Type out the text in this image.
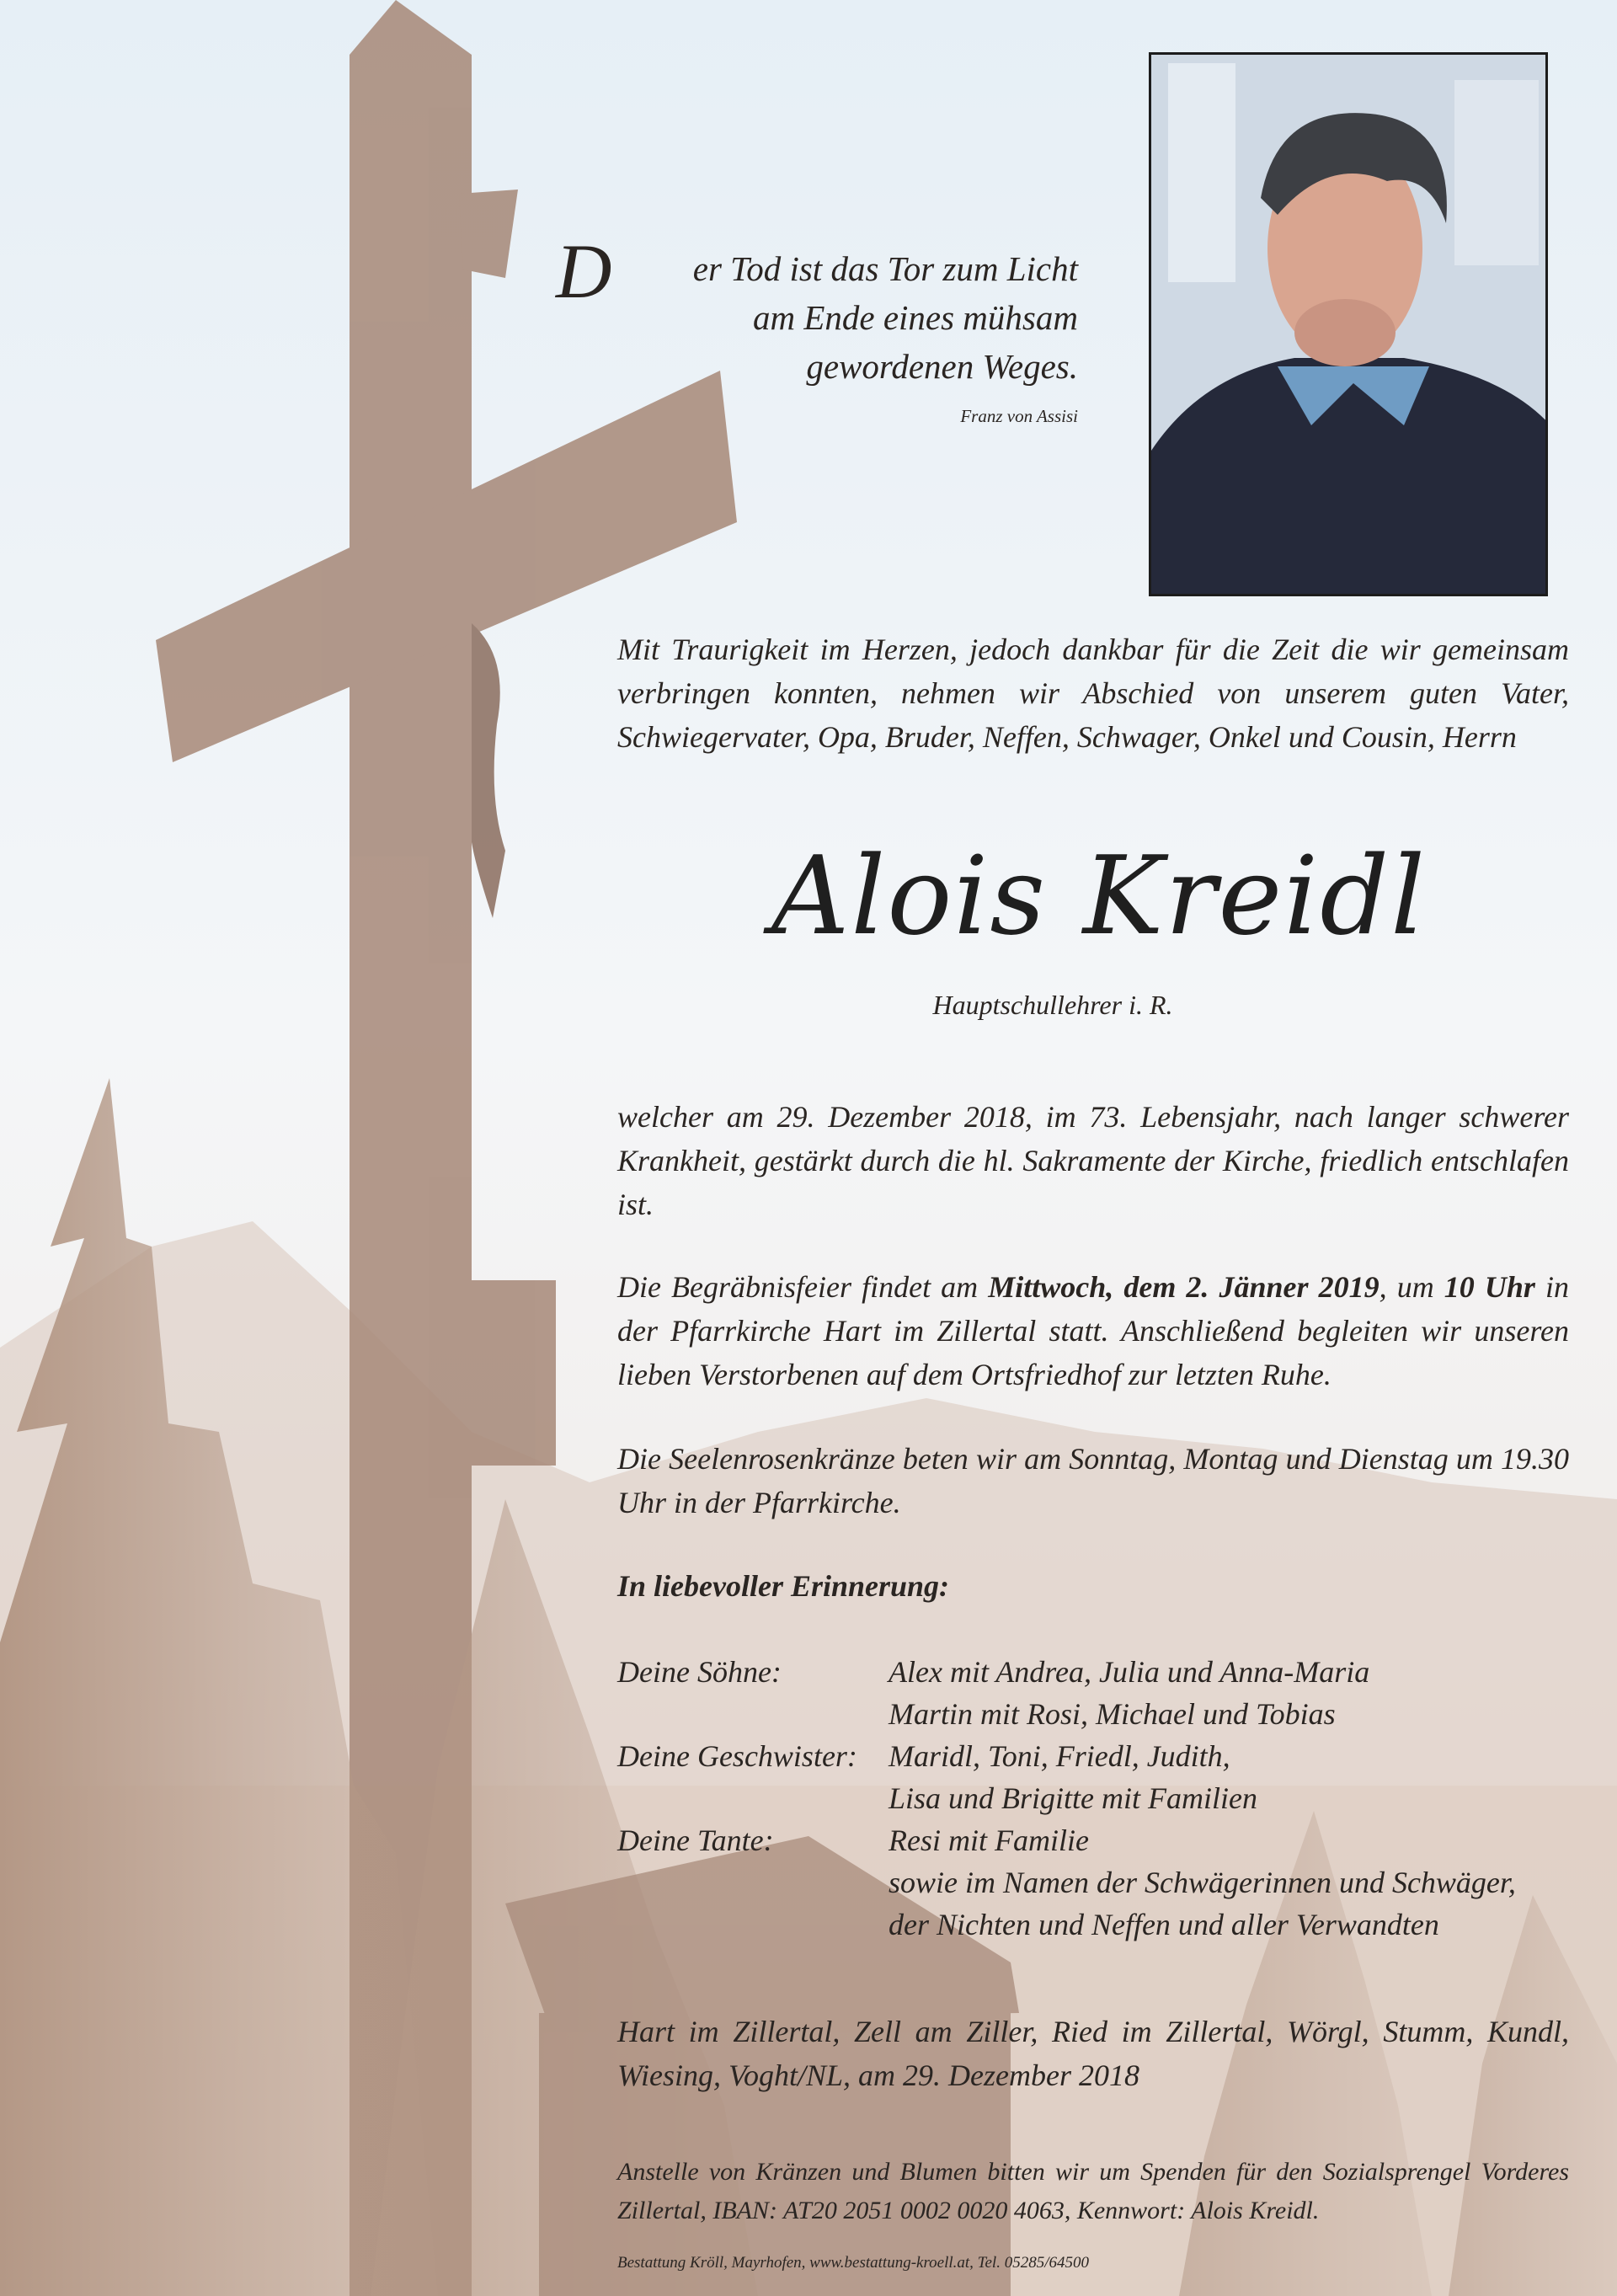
D	er Tod ist das Tor zum Licht
am Ende eines mühsam
gewordenen Weges.
Franz von Assisi
Mit Traurigkeit im Herzen, jedoch dankbar für die Zeit die wir gemeinsam verbringen konnten, nehmen wir Abschied von unserem guten Vater, Schwiegervater, Opa, Bruder, Neffen, Schwager, Onkel und Cousin, Herrn
Alois Kreidl
Hauptschullehrer i. R.
welcher am 29. Dezember 2018, im 73. Lebensjahr, nach langer schwerer Krankheit, gestärkt durch die hl. Sakramente der Kirche, friedlich entschlafen ist.
Die Begräbnisfeier findet am Mittwoch, dem 2. Jänner 2019, um 10 Uhr in der Pfarrkirche Hart im Zillertal statt. Anschließend begleiten wir unseren lieben Verstorbenen auf dem Ortsfriedhof zur letzten Ruhe.
Die Seelenrosenkränze beten wir am Sonntag, Montag und Dienstag um 19.30 Uhr in der Pfarrkirche.
In liebevoller Erinnerung:
Deine Söhne:	Alex mit Andrea, Julia und Anna-Maria
Martin mit Rosi, Michael und Tobias
Deine Geschwister:	Maridl, Toni, Friedl, Judith,
Lisa und Brigitte mit Familien
Deine Tante:	Resi mit Familie
sowie im Namen der Schwägerinnen und Schwäger,
der Nichten und Neffen und aller Verwandten
Hart im Zillertal, Zell am Ziller, Ried im Zillertal, Wörgl, Stumm, Kundl, Wiesing, Voght/NL, am 29. Dezember 2018
Anstelle von Kränzen und Blumen bitten wir um Spenden für den Sozialsprengel Vorderes Zillertal, IBAN: AT20 2051 0002 0020 4063, Kennwort: Alois Kreidl.
Bestattung Kröll, Mayrhofen, www.bestattung-kroell.at, Tel. 05285/64500
